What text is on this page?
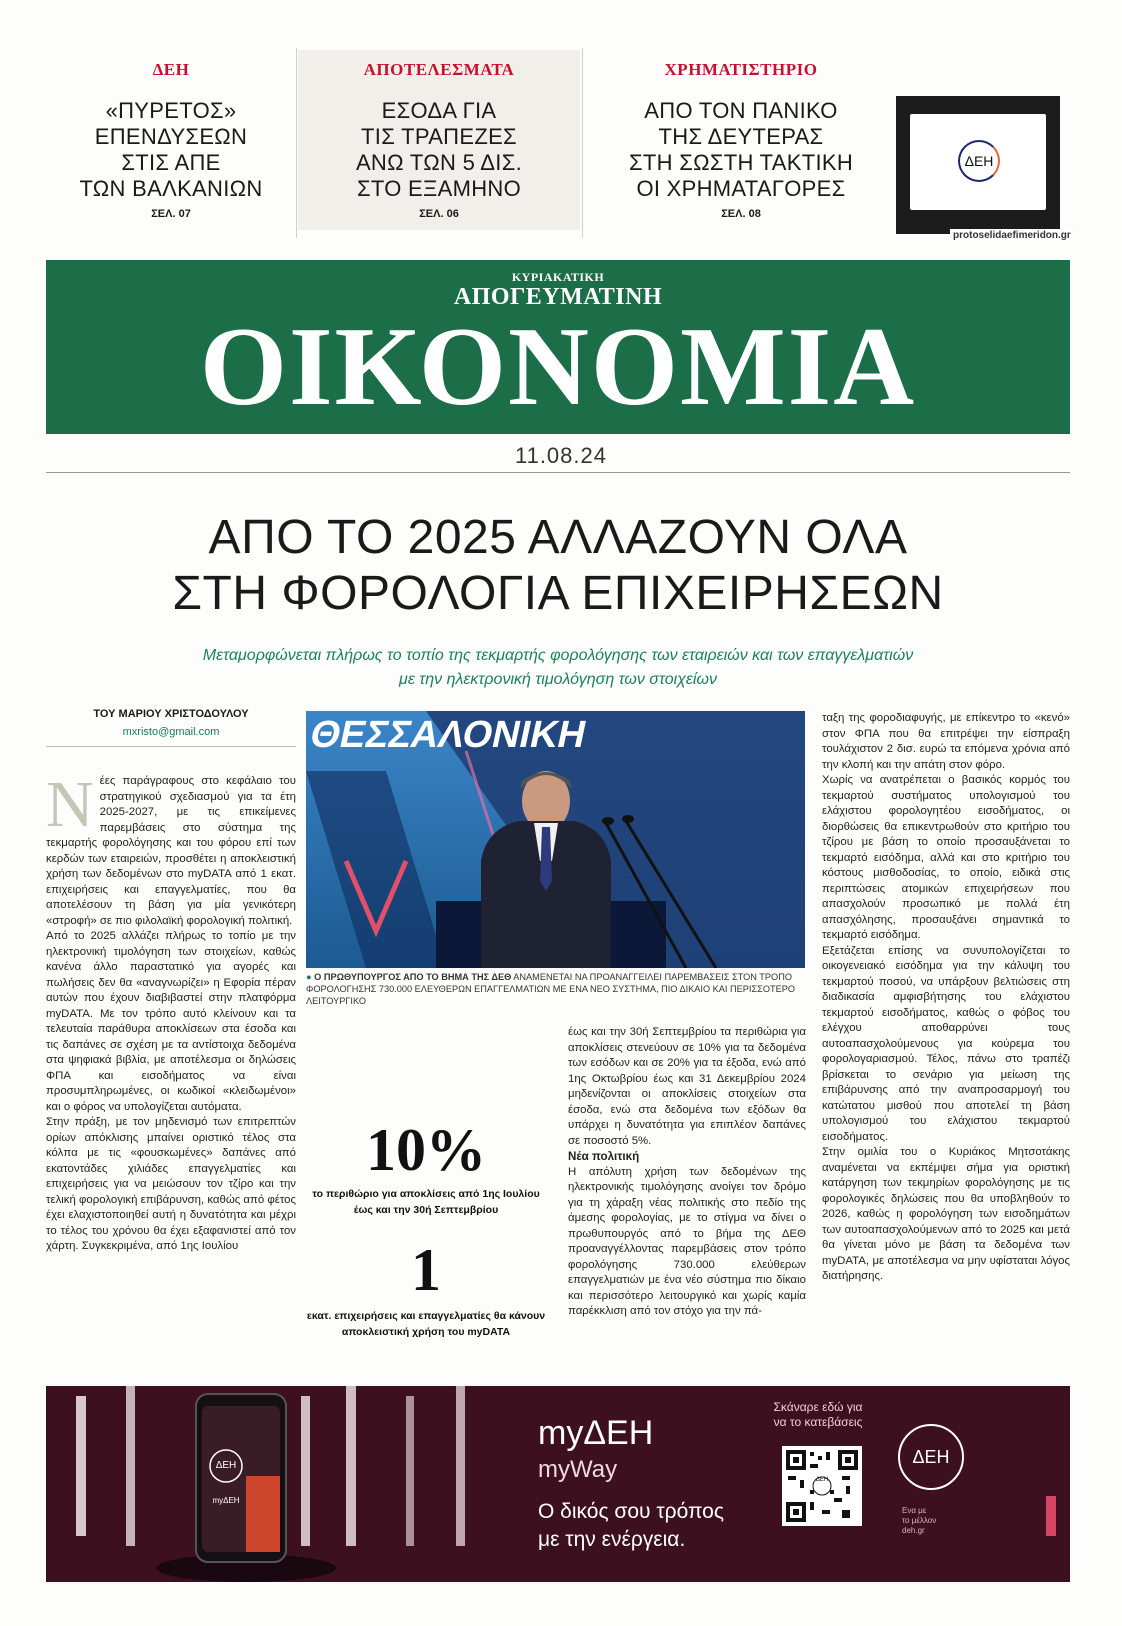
ΔΕΗ
«ΠΥΡΕΤΟΣ»
ΕΠΕΝΔΥΣΕΩΝ
ΣΤΙΣ ΑΠΕ
ΤΩΝ ΒΑΛΚΑΝΙΩΝ
ΣΕΛ. 07
ΑΠΟΤΕΛΕΣΜΑΤΑ
ΕΣΟΔΑ ΓΙΑ
ΤΙΣ ΤΡΑΠΕΖΕΣ
ΑΝΩ ΤΩΝ 5 ΔΙΣ.
ΣΤΟ ΕΞΑΜΗΝΟ
ΣΕΛ. 06
ΧΡΗΜΑΤΙΣΤΗΡΙΟ
ΑΠΟ ΤΟΝ ΠΑΝΙΚΟ
ΤΗΣ ΔΕΥΤΕΡΑΣ
ΣΤΗ ΣΩΣΤΗ ΤΑΚΤΙΚΗ
ΟΙ ΧΡΗΜΑΤΑΓΟΡΕΣ
ΣΕΛ. 08
ΔΕΗ
protoselidaefimeridon.gr
ΚΥΡΙΑΚΑΤΙΚΗ
ΑΠΟΓΕΥΜΑΤΙΝΗ
ΟΙΚΟΝΟΜΙΑ
11.08.24
ΑΠΟ ΤΟ 2025 ΑΛΛΑΖΟΥΝ ΟΛΑ
ΣΤΗ ΦΟΡΟΛΟΓΙΑ ΕΠΙΧΕΙΡΗΣΕΩΝ
Μεταμορφώνεται πλήρως το τοπίο της τεκμαρτής φορολόγησης των εταιρειών και των επαγγελματιών
με την ηλεκτρονική τιμολόγηση των στοιχείων
ΤΟΥ ΜΑΡΙΟΥ ΧΡΙΣΤΟΔΟΥΛΟΥ
mxristo@gmail.com
Ν έες παράγραφους στο κεφάλαιο του στρατηγικού σχεδιασμού για τα έτη 2025-2027, με τις επικείμενες παρεμβάσεις στο σύστημα της τεκμαρτής φορολόγησης και του φόρου επί των κερδών των εταιρειών, προσθέτει η αποκλειστική χρήση των δεδομένων στο myDATA από 1 εκατ. επιχειρήσεις και επαγγελματίες, που θα αποτελέσουν τη βάση για μία γενικότερη «στροφή» σε πιο φιλολαϊκή φορολογική πολιτική.

Από το 2025 αλλάζει πλήρως το τοπίο με την ηλεκτρονική τιμολόγηση των στοιχείων, καθώς κανένα άλλο παραστατικό για αγορές και πωλήσεις δεν θα «αναγνωρίζει» η Εφορία πέραν αυτών που έχουν διαβιβαστεί στην πλατφόρμα myDATA. Με τον τρόπο αυτό κλείνουν και τα τελευταία παράθυρα αποκλίσεων στα έσοδα και τις δαπάνες σε σχέση με τα αντίστοιχα δεδομένα στα ψηφιακά βιβλία, με αποτέλεσμα οι δηλώσεις ΦΠΑ και εισοδήματος να είναι προσυμπληρωμένες, οι κωδικοί «κλειδωμένοι» και ο φόρος να υπολογίζεται αυτόματα.

Στην πράξη, με τον μηδενισμό των επιτρεπτών ορίων απόκλισης μπαίνει οριστικό τέλος στα κόλπα με τις «φουσκωμένες» δαπάνες από εκατοντάδες χιλιάδες επαγγελματίες και επιχειρήσεις για να μειώσουν τον τζίρο και την τελική φορολογική επιβάρυνση, καθώς από φέτος έχει ελαχιστοποιηθεί αυτή η δυνατότητα και μέχρι το τέλος του χρόνου θα έχει εξαφανιστεί από τον χάρτη. Συγκεκριμένα, από 1ης Ιουλίου

ΘΕΣΣΑΛΟΝΙΚΗ
● Ο ΠΡΩΘΥΠΟΥΡΓΟΣ ΑΠΟ ΤΟ ΒΗΜΑ ΤΗΣ ΔΕΘ ΑΝΑΜΕΝΕΤΑΙ ΝΑ ΠΡΟΑΝΑΓΓΕΙΛΕΙ ΠΑΡΕΜΒΑΣΕΙΣ ΣΤΟΝ ΤΡΟΠΟ ΦΟΡΟΛΟΓΗΣΗΣ 730.000 ΕΛΕΥΘΕΡΩΝ ΕΠΑΓΓΕΛΜΑΤΙΩΝ ΜΕ ΕΝΑ ΝΕΟ ΣΥΣΤΗΜΑ, ΠΙΟ ΔΙΚΑΙΟ ΚΑΙ ΠΕΡΙΣΣΟΤΕΡΟ ΛΕΙΤΟΥΡΓΙΚΟ
10%
το περιθώριο για αποκλίσεις από 1ης Ιουλίου έως και την 30ή Σεπτεμβρίου
1
εκατ. επιχειρήσεις και επαγγελματίες θα κάνουν αποκλειστική χρήση του myDATA

έως και την 30ή Σεπτεμβρίου τα περιθώρια για αποκλίσεις στενεύουν σε 10% για τα δεδομένα των εσόδων και σε 20% για τα έξοδα, ενώ από 1ης Οκτωβρίου έως και 31 Δεκεμβρίου 2024 μηδενίζονται οι αποκλίσεις στοιχείων στα έσοδα, ενώ στα δεδομένα των εξόδων θα υπάρχει η δυνατότητα για επιπλέον δαπάνες σε ποσοστό 5%.

Νέα πολιτική

Η απόλυτη χρήση των δεδομένων της ηλεκτρονικής τιμολόγησης ανοίγει τον δρόμο για τη χάραξη νέας πολιτικής στο πεδίο της άμεσης φορολογίας, με το στίγμα να δίνει ο πρωθυπουργός από το βήμα της ΔΕΘ προαναγγέλλοντας παρεμβάσεις στον τρόπο φορολόγησης 730.000 ελεύθερων επαγγελματιών με ένα νέο σύστημα πιο δίκαιο και περισσότερο λειτουργικό και χωρίς καμία παρέκκλιση από τον στόχο για την πά-

ταξη της φοροδιαφυγής, με επίκεντρο το «κενό» στον ΦΠΑ που θα επιτρέψει την είσπραξη τουλάχιστον 2 δισ. ευρώ τα επόμενα χρόνια από την κλοπή και την απάτη στον φόρο.

Χωρίς να ανατρέπεται ο βασικός κορμός του τεκμαρτού συστήματος υπολογισμού του ελάχιστου φορολογητέου εισοδήματος, οι διορθώσεις θα επικεντρωθούν στο κριτήριο του τζίρου με βάση το οποίο προσαυξάνεται το τεκμαρτό εισόδημα, αλλά και στο κριτήριο του κόστους μισθοδοσίας, το οποίο, ειδικά στις περιπτώσεις ατομικών επιχειρήσεων που απασχολούν προσωπικό με πολλά έτη απασχόλησης, προσαυξάνει σημαντικά το τεκμαρτό εισόδημα.

Εξετάζεται επίσης να συνυπολογίζεται το οικογενειακό εισόδημα για την κάλυψη του τεκμαρτού ποσού, να υπάρξουν βελτιώσεις στη διαδικασία αμφισβήτησης του ελάχιστου τεκμαρτού εισοδήματος, καθώς ο φόβος του ελέγχου αποθαρρύνει τους αυτοαπασχολούμενους για κούρεμα του φορολογαριασμού. Τέλος, πάνω στο τραπέζι βρίσκεται το σενάριο για μείωση της επιβάρυνσης από την αναπροσαρμογή του κατώτατου μισθού που αποτελεί τη βάση υπολογισμού του ελάχιστου τεκμαρτού εισοδήματος.

Στην ομιλία του ο Κυριάκος Μητσοτάκης αναμένεται να εκπέμψει σήμα για οριστική κατάργηση των τεκμηρίων φορολόγησης με τις φορολογικές δηλώσεις που θα υποβληθούν το 2026, καθώς η φορολόγηση των εισοδημάτων των αυτοαπασχολούμενων από το 2025 και μετά θα γίνεται μόνο με βάση τα δεδομένα των myDATA, με αποτέλεσμα να μην υφίσταται λόγος διατήρησης.

ΔΕΗ
myΔΕΗ
myΔΕΗ
myWay
Ο δικός σου τρόπος
με την ενέργεια.
Σκάναρε εδώ για
να το κατεβάσεις
ΔΕΗ
ΔΕΗ
Ενα με
το μέλλον
deh.gr
